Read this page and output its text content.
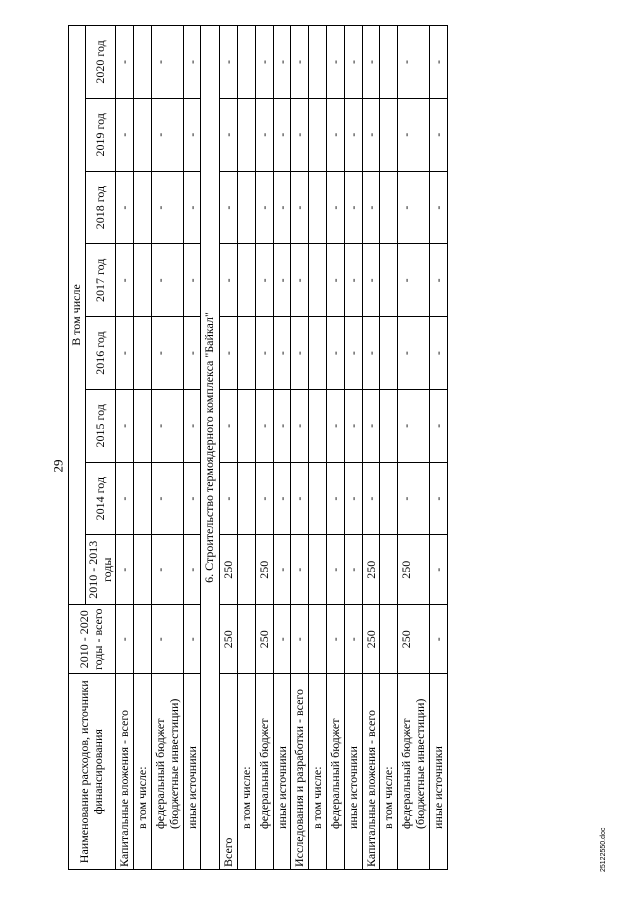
29
Наименование расходов, источники финансирования	2010 - 2020 годы - всего	В том числе							
		2010 - 2013 годы	2014 год	2015 год	2016 год	2017 год	2018 год	2019 год	2020 год
Капитальные вложения - всего	-	-	-	-	-	-	-	-	-
в том числе:									
федеральный бюджет (бюджетные инвестиции)	-	-	-	-	-	-	-	-	-
иные источники	-	-	-	-	-	-	-	-	-
6. Строительство термоядерного комплекса "Байкал"									
Всего	250	250	-	-	-	-	-	-	-
в том числе:									
федеральный бюджет	250	250	-	-	-	-	-	-	-
иные источники	-	-	-	-	-	-	-	-	-
Исследования и разработки - всего	-	-	-	-	-	-	-	-	-
в том числе:									
федеральный бюджет	-	-	-	-	-	-	-	-	-
иные источники	-	-	-	-	-	-	-	-	-
Капитальные вложения - всего	250	250	-	-	-	-	-	-	-
в том числе:									
федеральный бюджет (бюджетные инвестиции)	250	250	-	-	-	-	-	-	-
иные источники	-	-	-	-	-	-	-	-	-
25122550.doc
